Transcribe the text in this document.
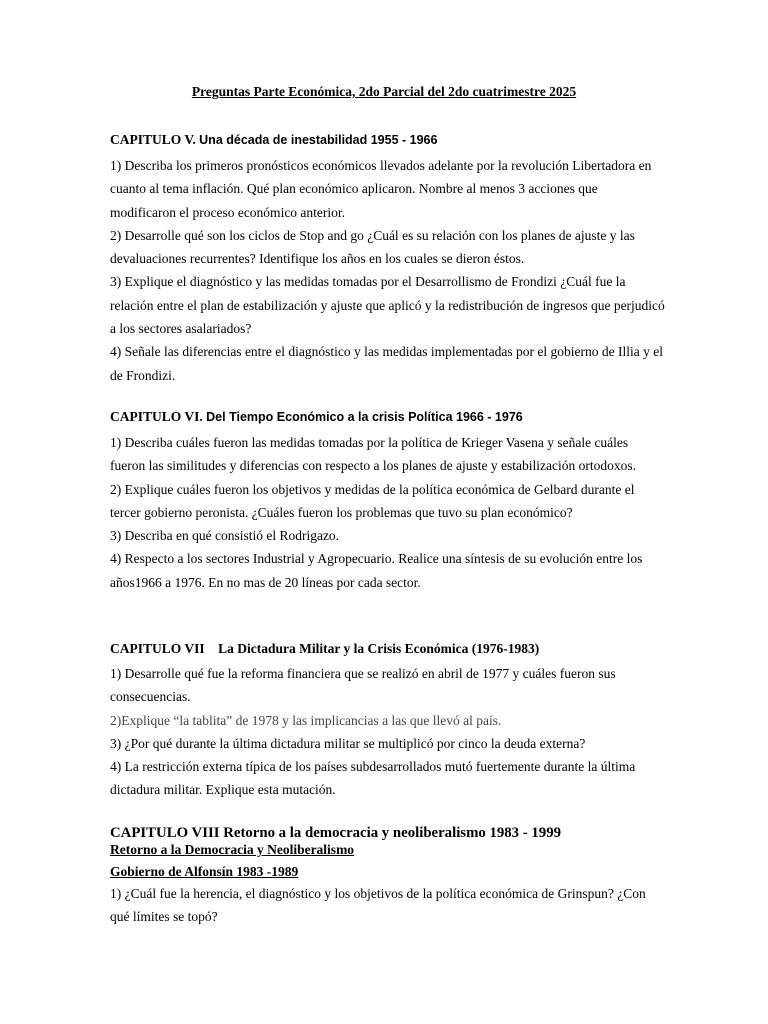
Preguntas Parte Económica, 2do Parcial del 2do cuatrimestre 2025

CAPITULO V. Una década de inestabilidad 1955 - 1966

1) Describa los primeros pronósticos económicos llevados adelante por la revolución Libertadora en cuanto al tema inflación. Qué plan económico aplicaron. Nombre al menos 3 acciones que modificaron el proceso económico anterior.
2) Desarrolle qué son los ciclos de Stop and go ¿Cuál es su relación con los planes de ajuste y las devaluaciones recurrentes? Identifique los años en los cuales se dieron éstos.
3) Explique el diagnóstico y las medidas tomadas por el Desarrollismo de Frondizi ¿Cuál fue la relación entre el plan de estabilización y ajuste que aplicó y la redistribución de ingresos que perjudicó a los sectores asalariados?
4) Señale las diferencias entre el diagnóstico y las medidas implementadas por el gobierno de Illia y el de Frondizi.

CAPITULO VI. Del Tiempo Económico a la crisis Política 1966 - 1976

1) Describa cuáles fueron las medidas tomadas por la política de Krieger Vasena y señale cuáles fueron las similitudes y diferencias con respecto a los planes de ajuste y estabilización ortodoxos.
2) Explique cuáles fueron los objetivos y medidas de la política económica de Gelbard durante el tercer gobierno peronista. ¿Cuáles fueron los problemas que tuvo su plan económico?
3) Describa en qué consistió el Rodrigazo.
4) Respecto a los sectores Industrial y Agropecuario. Realice una síntesis de su evolución entre los años1966 a 1976. En no mas de 20 líneas por cada sector.

CAPITULO VII La Dictadura Militar y la Crisis Económica (1976-1983)

1) Desarrolle qué fue la reforma financiera que se realizó en abril de 1977 y cuáles fueron sus consecuencias.
2)Explique “la tablita” de 1978 y las implicancias a las que llevó al país.
3) ¿Por qué durante la última dictadura militar se multiplicó por cinco la deuda externa?
4) La restricción externa típica de los países subdesarrollados mutó fuertemente durante la última dictadura militar. Explique esta mutación.

CAPITULO VIII Retorno a la democracia y neoliberalismo 1983 - 1999

Retorno a la Democracia y Neoliberalismo

Gobierno de Alfonsín 1983 -1989

1) ¿Cuál fue la herencia, el diagnóstico y los objetivos de la política económica de Grinspun? ¿Con qué límites se topó?
